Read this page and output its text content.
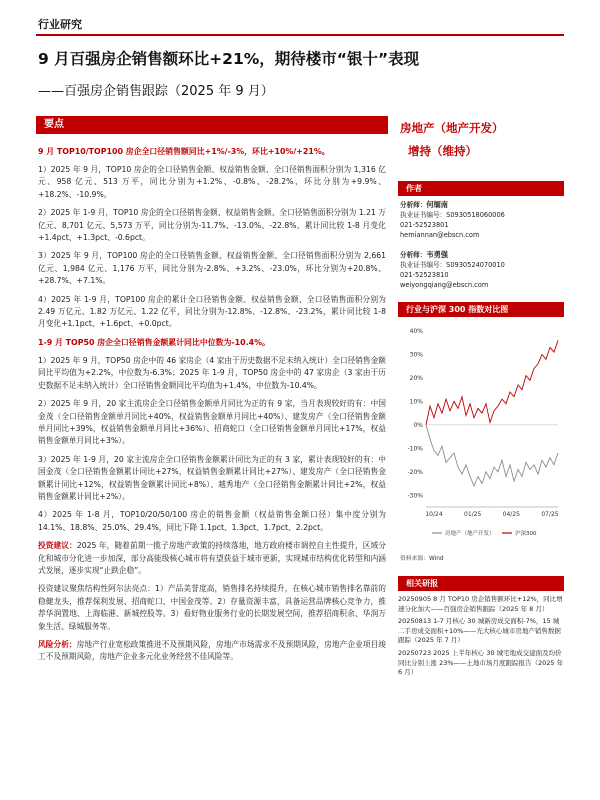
行业研究
9 月百强房企销售额环比+21%，期待楼市“银十”表现
——百强房企销售跟踪（2025 年 9 月）
要点
9 月 TOP10/TOP100 房企全口径销售额同比+1%/-3%，环比+10%/+21%。

1）2025 年 9 月，TOP10 房企的全口径销售金额、权益销售金额、全口径销售面积分别为 1,316 亿元、958 亿元、513 万平，同比分别为+1.2%、-0.8%、-28.2%，环比分别为+9.9%、+18.2%、-10.9%。

2）2025 年 1-9 月，TOP10 房企的全口径销售金额、权益销售金额、全口径销售面积分别为 1.21 万亿元、8,701 亿元、5,573 万平，同比分别为-11.7%、-13.0%、-22.8%，累计同比较 1-8 月变化+1.4pct、+1.3pct、-0.6pct。

3）2025 年 9 月，TOP100 房企的全口径销售金额、权益销售金额、全口径销售面积分别为 2,661 亿元、1,984 亿元、1,176 万平，同比分别为-2.8%、+3.2%、-23.0%，环比分别为+20.8%、+28.7%、+7.1%。

4）2025 年 1-9 月，TOP100 房企的累计全口径销售金额、权益销售金额、全口径销售面积分别为 2.49 万亿元、1.82 万亿元、1.22 亿平，同比分别为-12.8%、-12.8%、-23.2%，累计同比较 1-8 月变化+1.1pct、+1.6pct、+0.0pct。

1-9 月 TOP50 房企全口径销售金额累计同比中位数为-10.4%。

1）2025 年 9 月，TOP50 房企中的 46 家房企（4 家由于历史数据不足未纳入统计）全口径销售金额同比平均值为+2.2%，中位数为-6.3%；2025 年 1-9 月，TOP50 房企中的 47 家房企（3 家由于历史数据不足未纳入统计）全口径销售金额同比平均值为+1.4%，中位数为-10.4%。

2）2025 年 9 月，20 家主流房企全口径销售金额单月同比为正的有 9 家，当月表现较好的有：中国金茂（全口径销售金额单月同比+40%，权益销售金额单月同比+40%）、建发房产（全口径销售金额单月同比+39%，权益销售金额单月同比+36%）、招商蛇口（全口径销售金额单月同比+17%，权益销售金额单月同比+3%）。

3）2025 年 1-9 月，20 家主流房企全口径销售金额累计同比为正的有 3 家，累计表现较好的有：中国金茂（全口径销售金额累计同比+27%，权益销售金额累计同比+27%）、建发房产（全口径销售金额累计同比+12%，权益销售金额累计同比+8%）、越秀地产（全口径销售金额累计同比+2%，权益销售金额累计同比+2%）。

4）2025 年 1-8 月，TOP10/20/50/100 房企的销售金额（权益销售金额口径）集中度分别为 14.1%、18.8%、25.0%、29.4%，同比下降 1.1pct、1.3pct、1.7pct、2.2pct。

投资建议：2025 年，随着前期一揽子房地产政策的持续落地，地方政府楼市调控自主性提升，区域分化和城市分化进一步加深，部分高能级核心城市将有望获益于城市更新，实现城市结构优化转型和内涵式发展，逐步实现“止跌企稳”。

投资建议聚焦结构性阿尔法亮点：1）产品美誉度高，销售排名持续提升，在核心城市销售排名靠前的稳健龙头，推荐保利发展、招商蛇口、中国金茂等。2）存量资源丰富，具备运营品牌核心竞争力，推荐华润置地、上海临港、新城控股等。3）看好物业服务行业的长期发展空间，推荐招商积余、华润万象生活、绿城服务等。

风险分析：房地产行业宽松政策推进不及预期风险，房地产市场需求不及预期风险，房地产企业项目竣工不及预期风险，房地产企业多元化业务经营不佳风险等。

房地产（地产开发）
增持（维持）
作者
分析师：何缅南
执业证书编号：S0930518060006
021-52523801
hemiannan@ebscn.com
分析师：韦勇强
执业证书编号：S0930524070010
021-52523810
weiyongqiang@ebscn.com
行业与沪深 300 指数对比图
40%
30%
20%
10%
0%
-10%
-20%
-30%
10/24	01/25	04/25	07/25
房地产（地产开发）	沪深300
资料来源：Wind
相关研报
20250905 8 月 TOP10 房企销售额环比+12%，同比增速分化加大——百强房企销售跟踪（2025 年 8 月）
20250813 1-7 月核心 30 城新房成交面积-7%，15 城二手房成交面积+10%——光大核心城市房地产销售数据跟踪（2025 年 7 月）
20250723 2025 上半年核心 30 城宅地成交建面及均价同比分别上涨 23%——土地市场月度跟踪报告（2025 年 6 月）
